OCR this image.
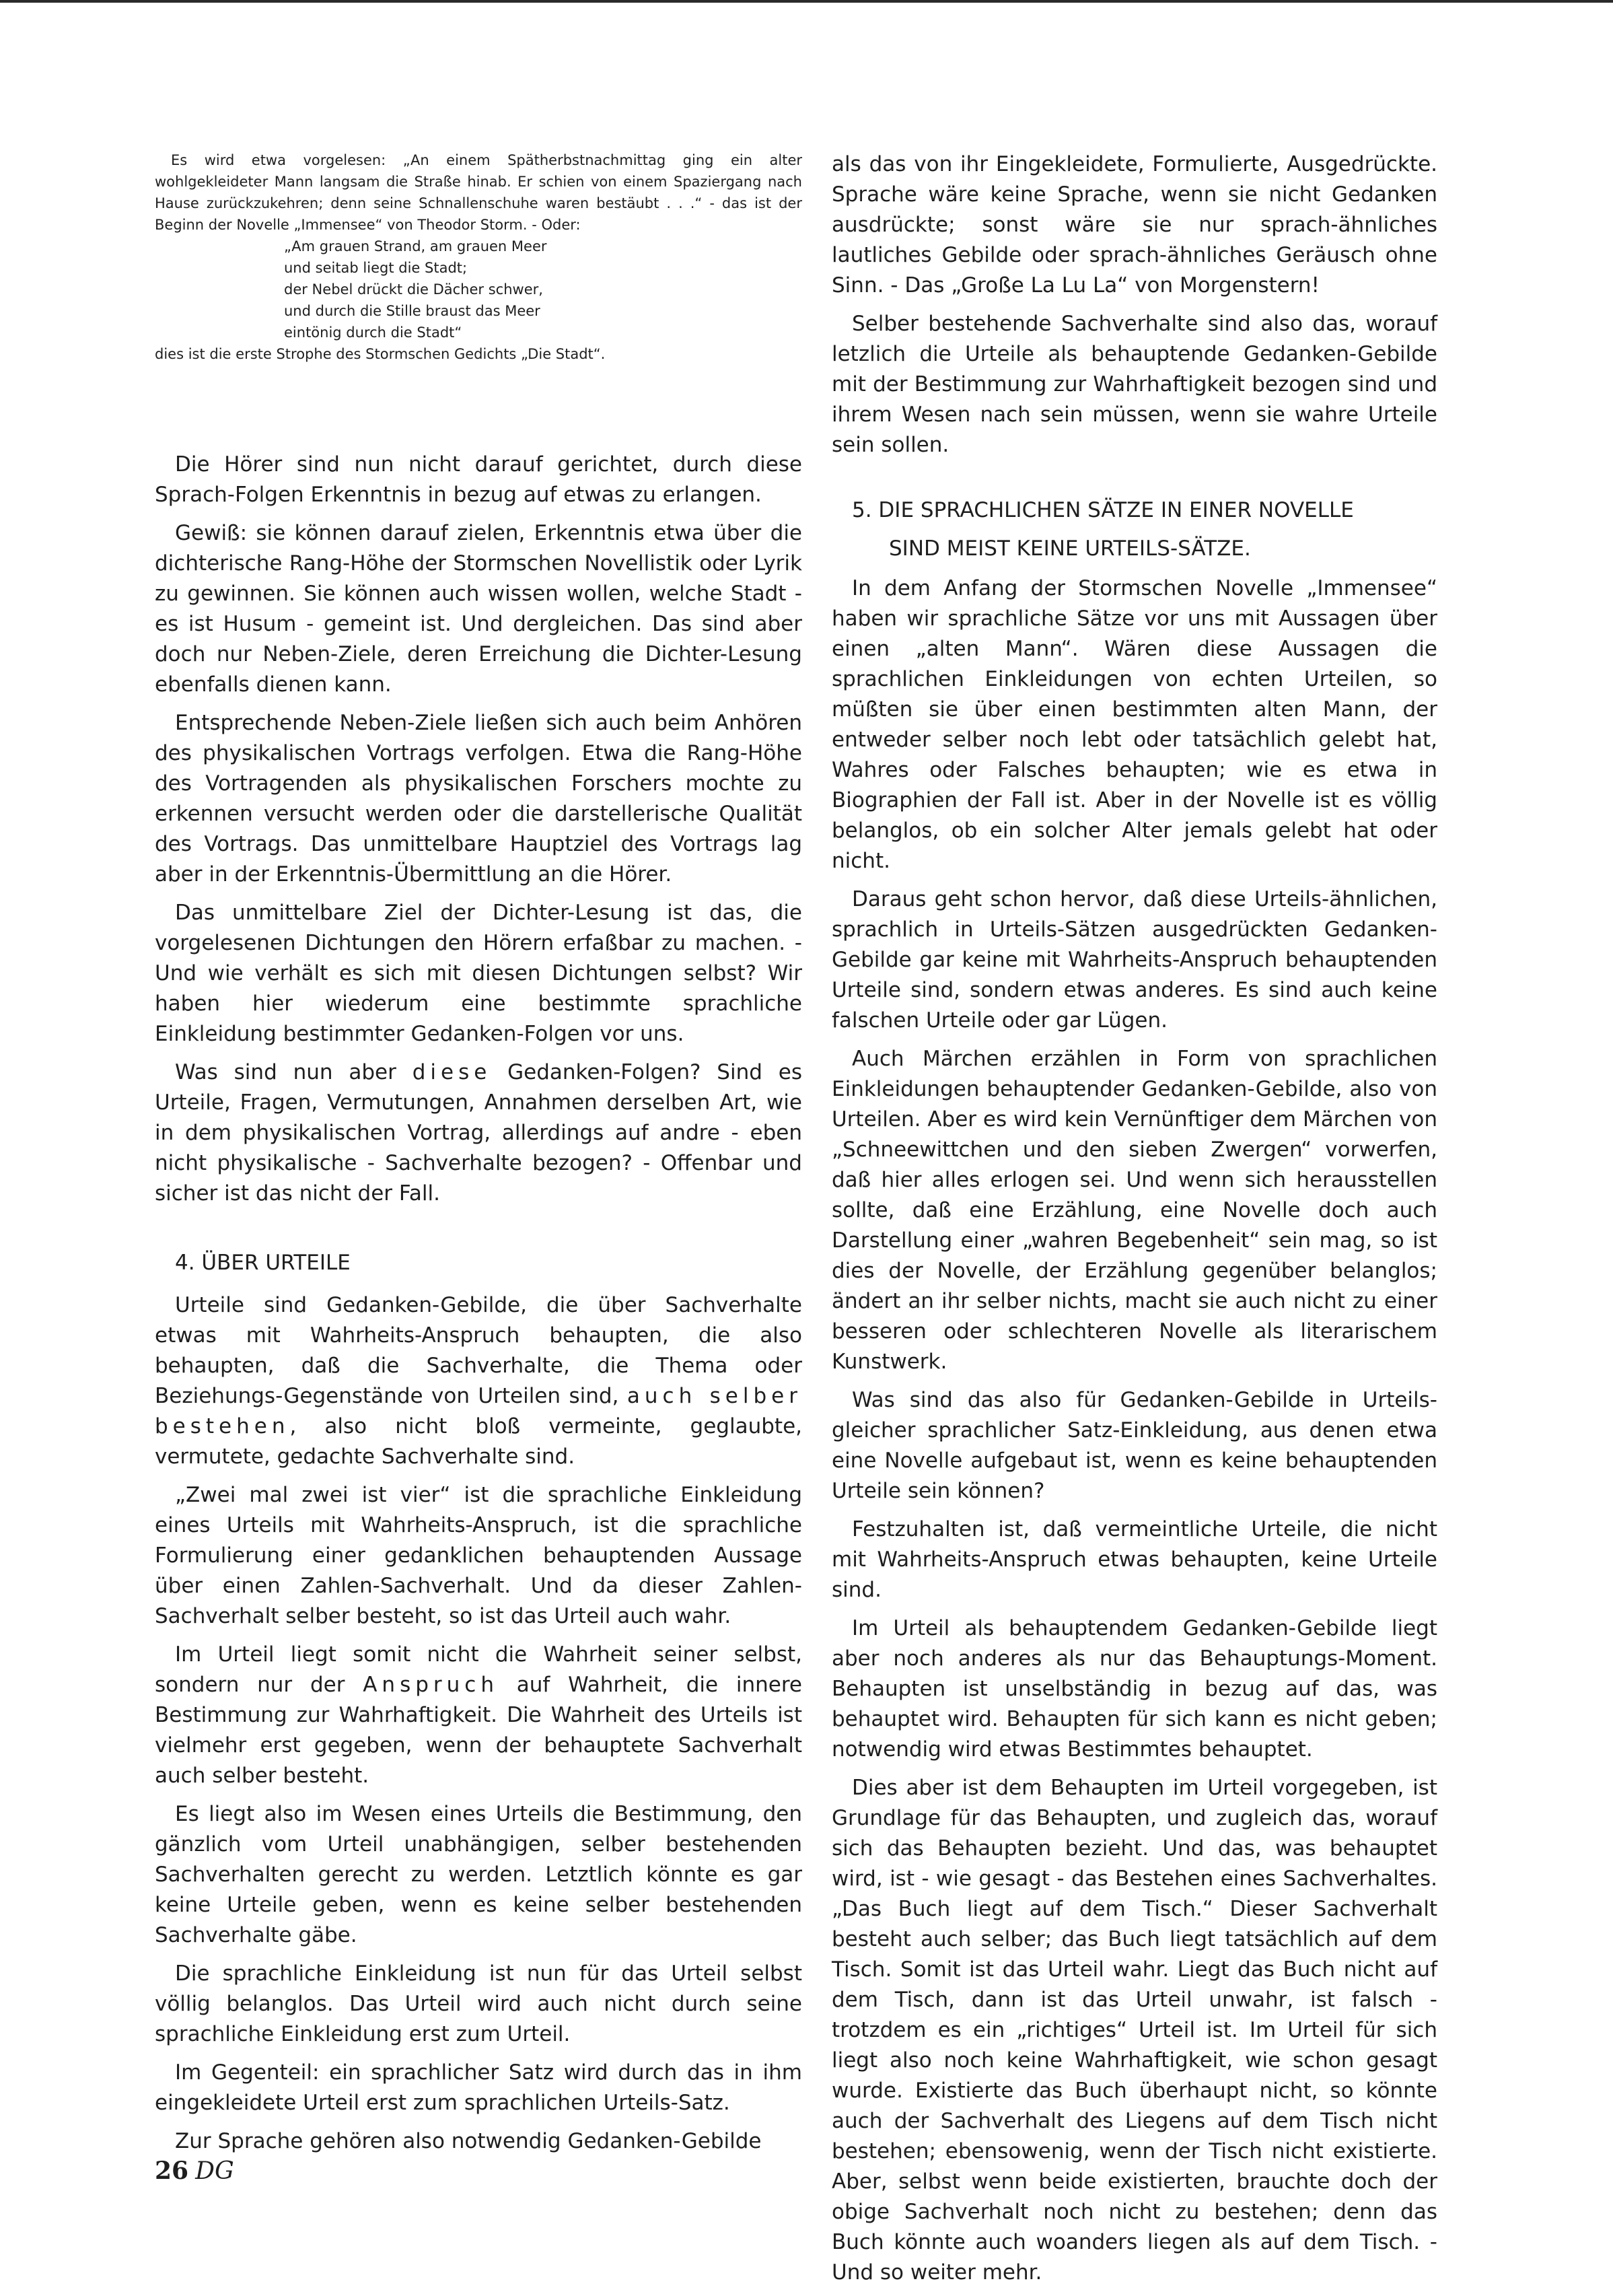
Es wird etwa vorgelesen: „An einem Spätherbstnachmittag ging ein alter wohlgekleideter Mann langsam die Straße hinab. Er schien von einem Spaziergang nach Hause zurückzukehren; denn seine Schnallenschuhe waren bestäubt . . .“ - das ist der Beginn der Novelle „Immensee“ von Theodor Storm. - Oder:

„Am grauen Strand, am grauen Meer
und seitab liegt die Stadt;
der Nebel drückt die Dächer schwer,
und durch die Stille braust das Meer
eintönig durch die Stadt“

dies ist die erste Strophe des Stormschen Gedichts „Die Stadt“.

Die Hörer sind nun nicht darauf gerichtet, durch diese Sprach-Folgen Erkenntnis in bezug auf etwas zu erlangen.

Gewiß: sie können darauf zielen, Erkenntnis etwa über die dichterische Rang-Höhe der Stormschen Novellistik oder Lyrik zu gewinnen. Sie können auch wissen wollen, welche Stadt - es ist Husum - gemeint ist. Und dergleichen. Das sind aber doch nur Neben-Ziele, deren Erreichung die Dichter-Lesung ebenfalls dienen kann.

Entsprechende Neben-Ziele ließen sich auch beim Anhören des physikalischen Vortrags verfolgen. Etwa die Rang-Höhe des Vortragenden als physikalischen Forschers mochte zu erkennen versucht werden oder die darstellerische Qualität des Vortrags. Das unmittelbare Hauptziel des Vortrags lag aber in der Erkenntnis-Übermittlung an die Hörer.

Das unmittelbare Ziel der Dichter-Lesung ist das, die vorgelesenen Dichtungen den Hörern erfaßbar zu machen. - Und wie verhält es sich mit diesen Dichtungen selbst? Wir haben hier wiederum eine bestimmte sprachliche Einkleidung bestimmter Gedanken-Folgen vor uns.

Was sind nun aber diese Gedanken-Folgen? Sind es Urteile, Fragen, Vermutungen, Annahmen derselben Art, wie in dem physikalischen Vortrag, allerdings auf andre - eben nicht physikalische - Sachverhalte bezogen? - Offenbar und sicher ist das nicht der Fall.

4. ÜBER URTEILE

Urteile sind Gedanken-Gebilde, die über Sachverhalte etwas mit Wahrheits-Anspruch behaupten, die also behaupten, daß die Sachverhalte, die Thema oder Beziehungs-Gegenstände von Urteilen sind, auch selber bestehen, also nicht bloß vermeinte, geglaubte, vermutete, gedachte Sachverhalte sind.

„Zwei mal zwei ist vier“ ist die sprachliche Einkleidung eines Urteils mit Wahrheits-Anspruch, ist die sprachliche Formulierung einer gedanklichen behauptenden Aussage über einen Zahlen-Sachverhalt. Und da dieser Zahlen-Sachverhalt selber besteht, so ist das Urteil auch wahr.

Im Urteil liegt somit nicht die Wahrheit seiner selbst, sondern nur der Anspruch auf Wahrheit, die innere Bestimmung zur Wahrhaftigkeit. Die Wahrheit des Urteils ist vielmehr erst gegeben, wenn der behauptete Sachverhalt auch selber besteht.

Es liegt also im Wesen eines Urteils die Bestimmung, den gänzlich vom Urteil unabhängigen, selber bestehenden Sachverhalten gerecht zu werden. Letztlich könnte es gar keine Urteile geben, wenn es keine selber bestehenden Sachverhalte gäbe.

Die sprachliche Einkleidung ist nun für das Urteil selbst völlig belanglos. Das Urteil wird auch nicht durch seine sprachliche Einkleidung erst zum Urteil.

Im Gegenteil: ein sprachlicher Satz wird durch das in ihm eingekleidete Urteil erst zum sprachlichen Urteils-Satz.

Zur Sprache gehören also notwendig Gedanken-Gebilde

als das von ihr Eingekleidete, Formulierte, Ausgedrückte. Sprache wäre keine Sprache, wenn sie nicht Gedanken ausdrückte; sonst wäre sie nur sprach-ähnliches lautliches Gebilde oder sprach-ähnliches Geräusch ohne Sinn. - Das „Große La Lu La“ von Morgenstern!

Selber bestehende Sachverhalte sind also das, worauf letzlich die Urteile als behauptende Gedanken-Gebilde mit der Bestimmung zur Wahrhaftigkeit bezogen sind und ihrem Wesen nach sein müssen, wenn sie wahre Urteile sein sollen.

5. DIE SPRACHLICHEN SÄTZE IN EINER NOVELLE

SIND MEIST KEINE URTEILS-SÄTZE.

In dem Anfang der Stormschen Novelle „Immensee“ haben wir sprachliche Sätze vor uns mit Aussagen über einen „alten Mann“. Wären diese Aussagen die sprachlichen Einkleidungen von echten Urteilen, so müßten sie über einen bestimmten alten Mann, der entweder selber noch lebt oder tatsächlich gelebt hat, Wahres oder Falsches behaupten; wie es etwa in Biographien der Fall ist. Aber in der Novelle ist es völlig belanglos, ob ein solcher Alter jemals gelebt hat oder nicht.

Daraus geht schon hervor, daß diese Urteils-ähnlichen, sprachlich in Urteils-Sätzen ausgedrückten Gedanken-Gebilde gar keine mit Wahrheits-Anspruch behauptenden Urteile sind, sondern etwas anderes. Es sind auch keine falschen Urteile oder gar Lügen.

Auch Märchen erzählen in Form von sprachlichen Einkleidungen behauptender Gedanken-Gebilde, also von Urteilen. Aber es wird kein Vernünftiger dem Märchen von „Schneewittchen und den sieben Zwergen“ vorwerfen, daß hier alles erlogen sei. Und wenn sich herausstellen sollte, daß eine Erzählung, eine Novelle doch auch Darstellung einer „wahren Begebenheit“ sein mag, so ist dies der Novelle, der Erzählung gegenüber belanglos; ändert an ihr selber nichts, macht sie auch nicht zu einer besseren oder schlechteren Novelle als literarischem Kunstwerk.

Was sind das also für Gedanken-Gebilde in Urteils-gleicher sprachlicher Satz-Einkleidung, aus denen etwa eine Novelle aufgebaut ist, wenn es keine behauptenden Urteile sein können?

Festzuhalten ist, daß vermeintliche Urteile, die nicht mit Wahrheits-Anspruch etwas behaupten, keine Urteile sind.

Im Urteil als behauptendem Gedanken-Gebilde liegt aber noch anderes als nur das Behauptungs-Moment. Behaupten ist unselbständig in bezug auf das, was behauptet wird. Behaupten für sich kann es nicht geben; notwendig wird etwas Bestimmtes behauptet.

Dies aber ist dem Behaupten im Urteil vorgegeben, ist Grundlage für das Behaupten, und zugleich das, worauf sich das Behaupten bezieht. Und das, was behauptet wird, ist - wie gesagt - das Bestehen eines Sachverhaltes. „Das Buch liegt auf dem Tisch.“ Dieser Sachverhalt besteht auch selber; das Buch liegt tatsächlich auf dem Tisch. Somit ist das Urteil wahr. Liegt das Buch nicht auf dem Tisch, dann ist das Urteil unwahr, ist falsch - trotzdem es ein „richtiges“ Urteil ist. Im Urteil für sich liegt also noch keine Wahrhaftigkeit, wie schon gesagt wurde. Existierte das Buch überhaupt nicht, so könnte auch der Sachverhalt des Liegens auf dem Tisch nicht bestehen; ebensowenig, wenn der Tisch nicht existierte. Aber, selbst wenn beide existierten, brauchte doch der obige Sachverhalt noch nicht zu bestehen; denn das Buch könnte auch woanders liegen als auf dem Tisch. - Und so weiter mehr.

26 DG
